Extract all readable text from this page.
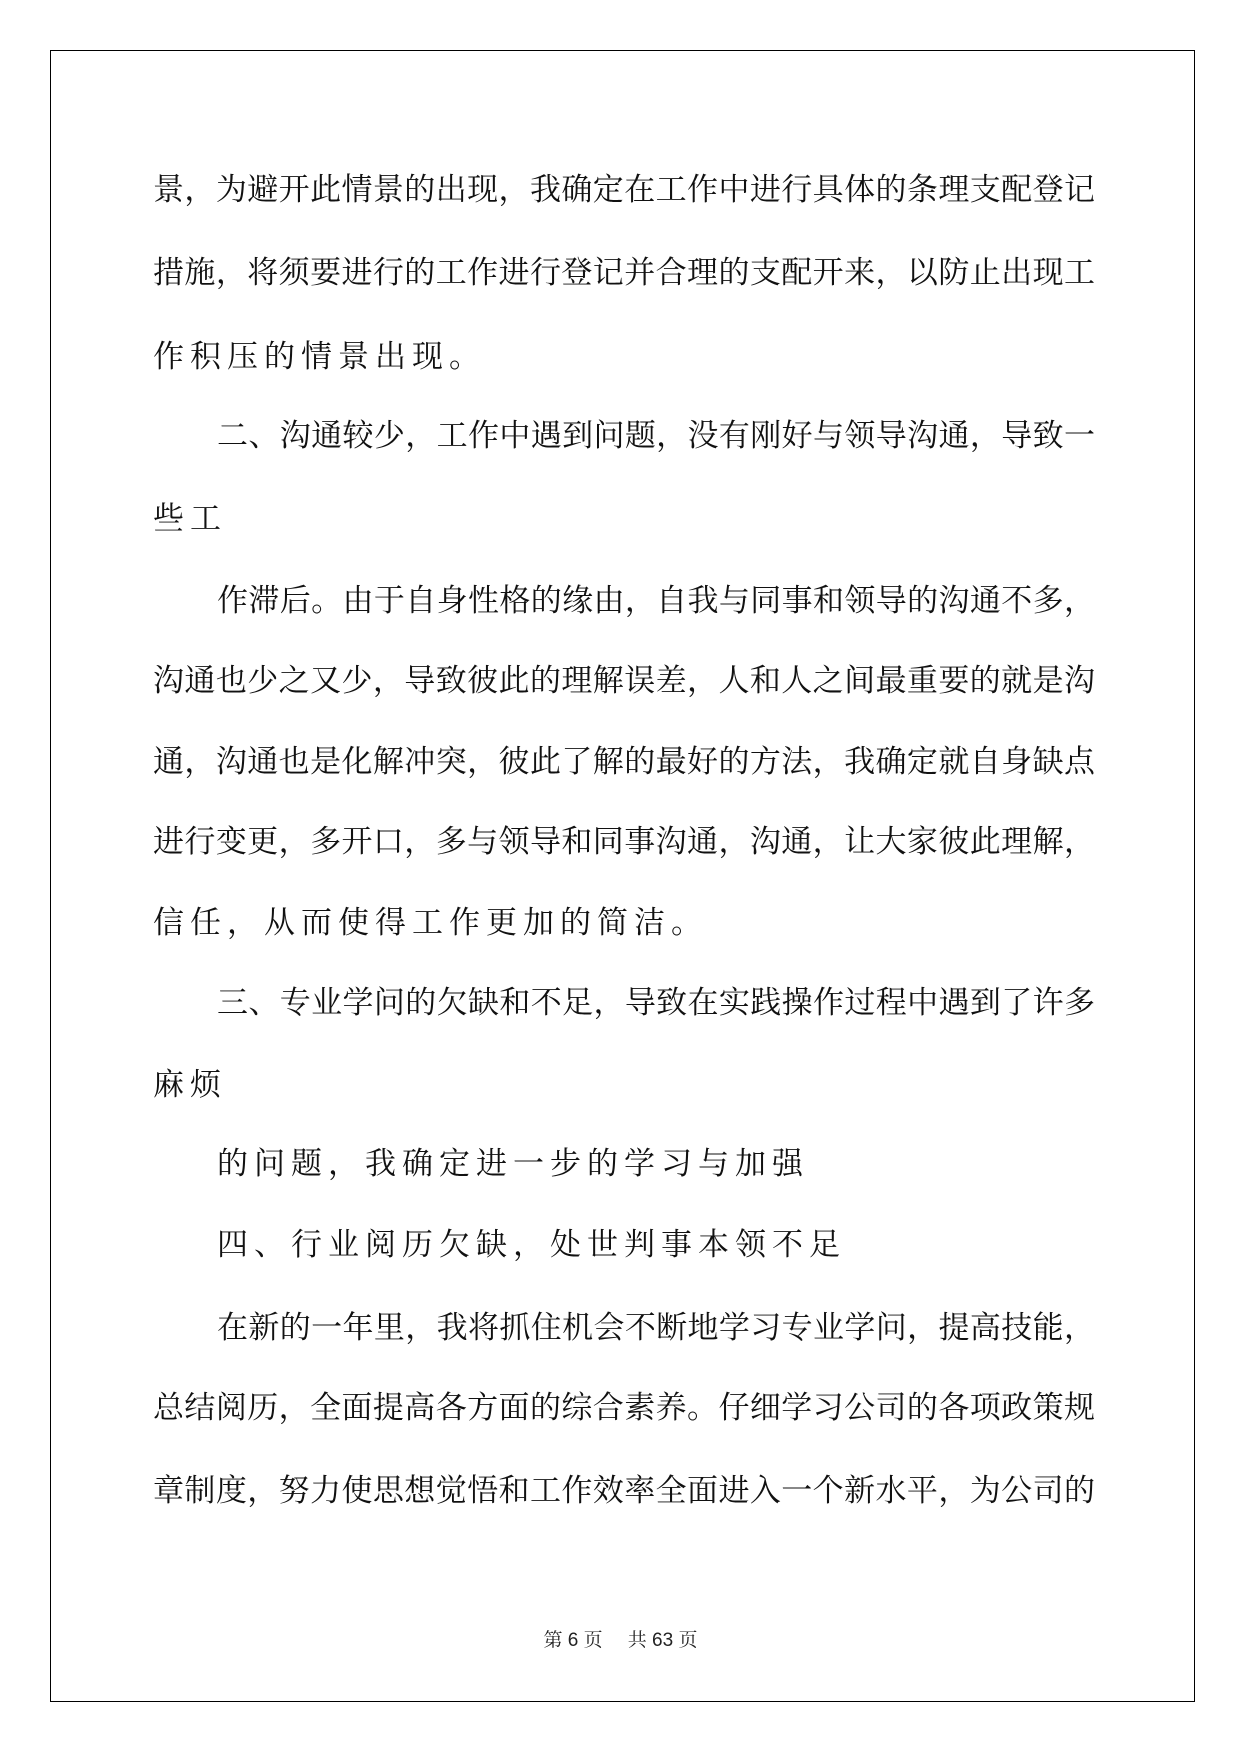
景，为避开此情景的出现，我确定在工作中进行具体的条理支配登记
措施，将须要进行的工作进行登记并合理的支配开来，以防止出现工
作积压的情景出现。
二、沟通较少，工作中遇到问题，没有刚好与领导沟通，导致一
些工
作滞后。由于自身性格的缘由，自我与同事和领导的沟通不多，
沟通也少之又少，导致彼此的理解误差，人和人之间最重要的就是沟
通，沟通也是化解冲突，彼此了解的最好的方法，我确定就自身缺点
进行变更，多开口，多与领导和同事沟通，沟通，让大家彼此理解，
信任，从而使得工作更加的简洁。
三、专业学问的欠缺和不足，导致在实践操作过程中遇到了许多
麻烦
的问题，我确定进一步的学习与加强
四、行业阅历欠缺，处世判事本领不足
在新的一年里，我将抓住机会不断地学习专业学问，提高技能，
总结阅历，全面提高各方面的综合素养。仔细学习公司的各项政策规
章制度，努力使思想觉悟和工作效率全面进入一个新水平，为公司的
第 6 页 共 63 页
